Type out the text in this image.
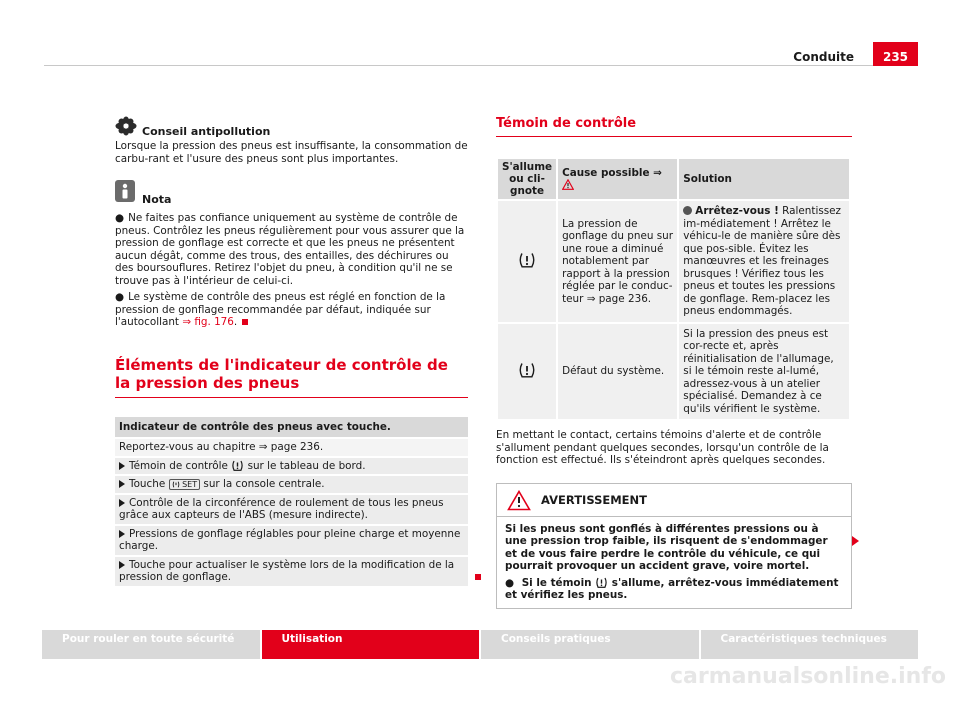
Conduite	235
Conseil antipollution

Lorsque la pression des pneus est insuffisante, la consommation de carbu-rant et l'usure des pneus sont plus importantes.

Nota

● Ne faites pas confiance uniquement au système de contrôle de pneus. Contrôlez les pneus régulièrement pour vous assurer que la pression de gonflage est correcte et que les pneus ne présentent aucun dégât, comme des trous, des entailles, des déchirures ou des boursouflures. Retirez l'objet du pneu, à condition qu'il ne se trouve pas à l'intérieur de celui-ci.

● Le système de contrôle des pneus est réglé en fonction de la pression de gonflage recommandée par défaut, indiquée sur l'autocollant ⇒ fig. 176.

Éléments de l'indicateur de contrôle de la pression des pneus
Indicateur de contrôle des pneus avec touche.
Reportez-vous au chapitre ⇒ page 236.
Témoin de contrôle sur le tableau de bord.
Touche SET sur la console centrale.
Contrôle de la circonférence de roulement de tous les pneus grâce aux capteurs de l'ABS (mesure indirecte).
Pressions de gonflage réglables pour pleine charge et moyenne charge.
Touche pour actualiser le système lors de la modification de la pression de gonflage.
Témoin de contrôle
S'allume ou cli-gnote	Cause possible ⇒	Solution
	La pression de gonflage du pneu sur une roue a diminué notablement par rapport à la pression réglée par le conduc-teur ⇒ page 236.	Arrêtez-vous ! Ralentissez im-médiatement ! Arrêtez le véhicu-le de manière sûre dès que pos-sible. Évitez les manœuvres et les freinages brusques ! Vérifiez tous les pneus et toutes les pressions de gonflage. Rem-placez les pneus endommagés.
	Défaut du système.	Si la pression des pneus est cor-recte et, après réinitialisation de l'allumage, si le témoin reste al-lumé, adressez-vous à un atelier spécialisé. Demandez à ce qu'ils vérifient le système.

En mettant le contact, certains témoins d'alerte et de contrôle s'allument pendant quelques secondes, lorsqu'un contrôle de la fonction est effectué. Ils s'éteindront après quelques secondes.

AVERTISSEMENT

Si les pneus sont gonflés à différentes pressions ou à une pression trop faible, ils risquent de s'endommager et de vous faire perdre le contrôle du véhicule, ce qui pourrait provoquer un accident grave, voire mortel.

● Si le témoin s'allume, arrêtez-vous immédiatement et vérifiez les pneus.

Pour rouler en toute sécurité	Utilisation	Conseils pratiques	Caractéristiques techniques
carmanualsonline.info
